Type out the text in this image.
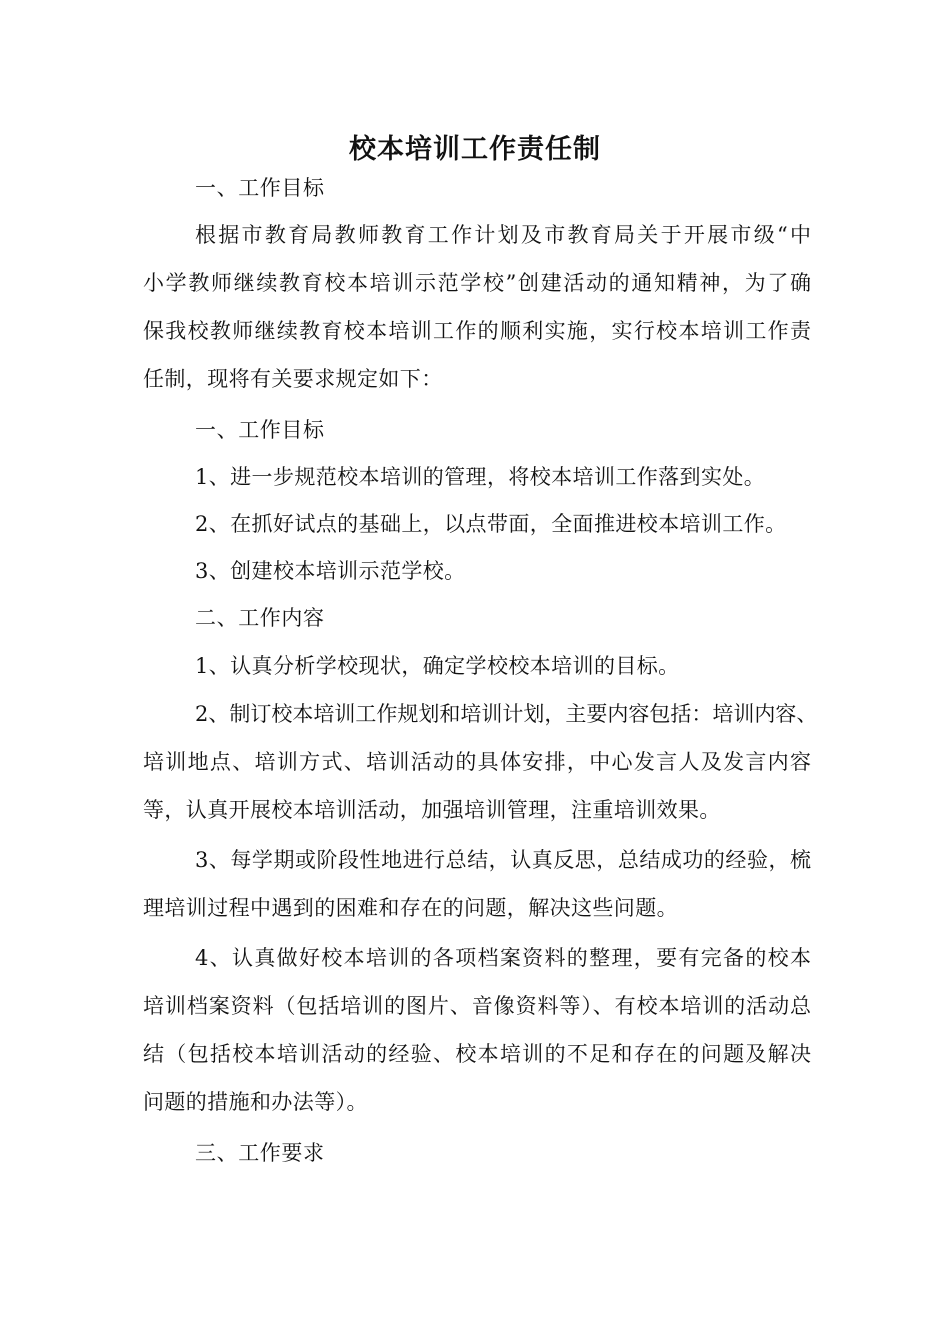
校本培训工作责任制

一、工作目标

根据市教育局教师教育工作计划及市教育局关于开展市级“中

小学教师继续教育校本培训示范学校”创建活动的通知精神，为了确

保我校教师继续教育校本培训工作的顺利实施，实行校本培训工作责

任制，现将有关要求规定如下：

一、工作目标

1、进一步规范校本培训的管理，将校本培训工作落到实处。

2、在抓好试点的基础上，以点带面，全面推进校本培训工作。

3、创建校本培训示范学校。

二、工作内容

1、认真分析学校现状，确定学校校本培训的目标。

2、制订校本培训工作规划和培训计划，主要内容包括：培训内容、

培训地点、培训方式、培训活动的具体安排，中心发言人及发言内容

等，认真开展校本培训活动，加强培训管理，注重培训效果。

3、每学期或阶段性地进行总结，认真反思，总结成功的经验，梳

理培训过程中遇到的困难和存在的问题，解决这些问题。

4、认真做好校本培训的各项档案资料的整理，要有完备的校本

培训档案资料（包括培训的图片、音像资料等）、有校本培训的活动总

结（包括校本培训活动的经验、校本培训的不足和存在的问题及解决

问题的措施和办法等）。

三、工作要求
